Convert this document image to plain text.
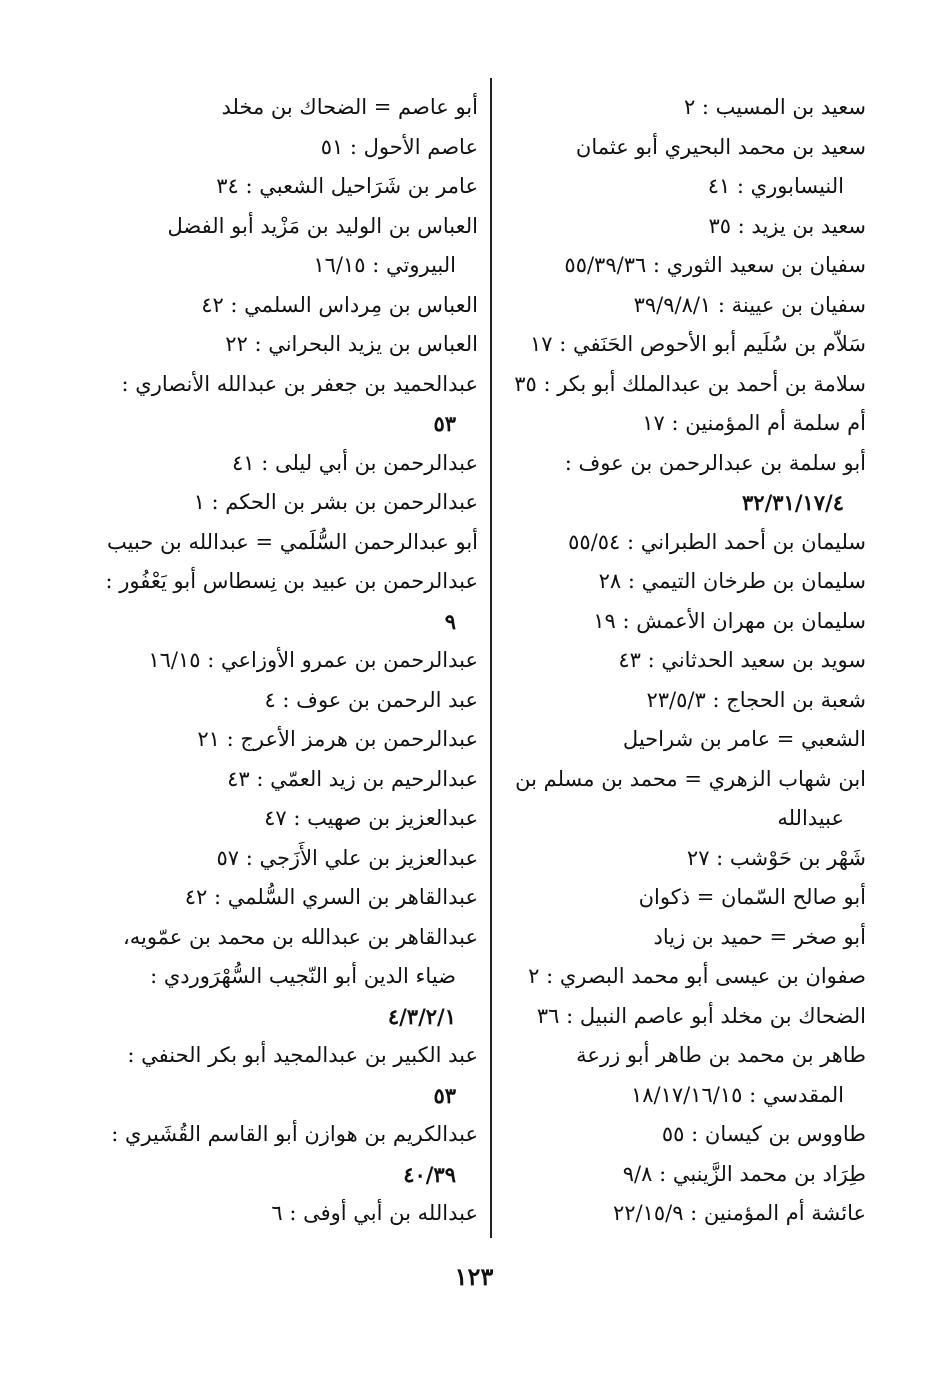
سعيد بن المسيب : ٢
سعيد بن محمد البحيري أبو عثمان
النيسابوري : ٤١
سعيد بن يزيد : ٣٥
سفيان بن سعيد الثوري : ٥٥/٣٩/٣٦
سفيان بن عيينة : ٣٩/٩/٨/١
سَلاّم بن سُلَيم أبو الأحوص الحَنَفي : ١٧
سلامة بن أحمد بن عبدالملك أبو بكر : ٣٥
أم سلمة أم المؤمنين : ١٧
أبو سلمة بن عبدالرحمن بن عوف :
٣٢/٣١/١٧/٤
سليمان بن أحمد الطبراني : ٥٥/٥٤
سليمان بن طرخان التيمي : ٢٨
سليمان بن مهران الأعمش : ١٩
سويد بن سعيد الحدثاني : ٤٣
شعبة بن الحجاج : ٢٣/٥/٣
الشعبي = عامر بن شراحيل
ابن شهاب الزهري = محمد بن مسلم بن
عبيدالله
شَهْر بن حَوْشب : ٢٧
أبو صالح السّمان = ذكوان
أبو صخر = حميد بن زياد
صفوان بن عيسى أبو محمد البصري : ٢
الضحاك بن مخلد أبو عاصم النبيل : ٣٦
طاهر بن محمد بن طاهر أبو زرعة
المقدسي : ١٨/١٧/١٦/١٥
طاووس بن كيسان : ٥٥
طِرَاد بن محمد الزَّينبي : ٩/٨
عائشة أم المؤمنين : ٢٢/١٥/٩
أبو عاصم = الضحاك بن مخلد
عاصم الأحول : ٥١
عامر بن شَرَاحيل الشعبي : ٣٤
العباس بن الوليد بن مَزْيد أبو الفضل
البيروتي : ١٦/١٥
العباس بن مِرداس السلمي : ٤٢
العباس بن يزيد البحراني : ٢٢
عبدالحميد بن جعفر بن عبدالله الأنصاري :
٥٣
عبدالرحمن بن أبي ليلى : ٤١
عبدالرحمن بن بشر بن الحكم : ١
أبو عبدالرحمن السُّلَمي = عبدالله بن حبيب
عبدالرحمن بن عبيد بن نِسطاس أبو يَعْفُور :
٩
عبدالرحمن بن عمرو الأوزاعي : ١٦/١٥
عبد الرحمن بن عوف : ٤
عبدالرحمن بن هرمز الأعرج : ٢١
عبدالرحيم بن زيد العمّي : ٤٣
عبدالعزيز بن صهيب : ٤٧
عبدالعزيز بن علي الأَزَجي : ٥٧
عبدالقاهر بن السري السُّلمي : ٤٢
عبدالقاهر بن عبدالله بن محمد بن عمّويه،
ضياء الدين أبو النّجيب السُّهْرَوردي :
٤/٣/٢/١
عبد الكبير بن عبدالمجيد أبو بكر الحنفي :
٥٣
عبدالكريم بن هوازن أبو القاسم القُشَيري :
٤٠/٣٩
عبدالله بن أبي أوفى : ٦
١٢٣
